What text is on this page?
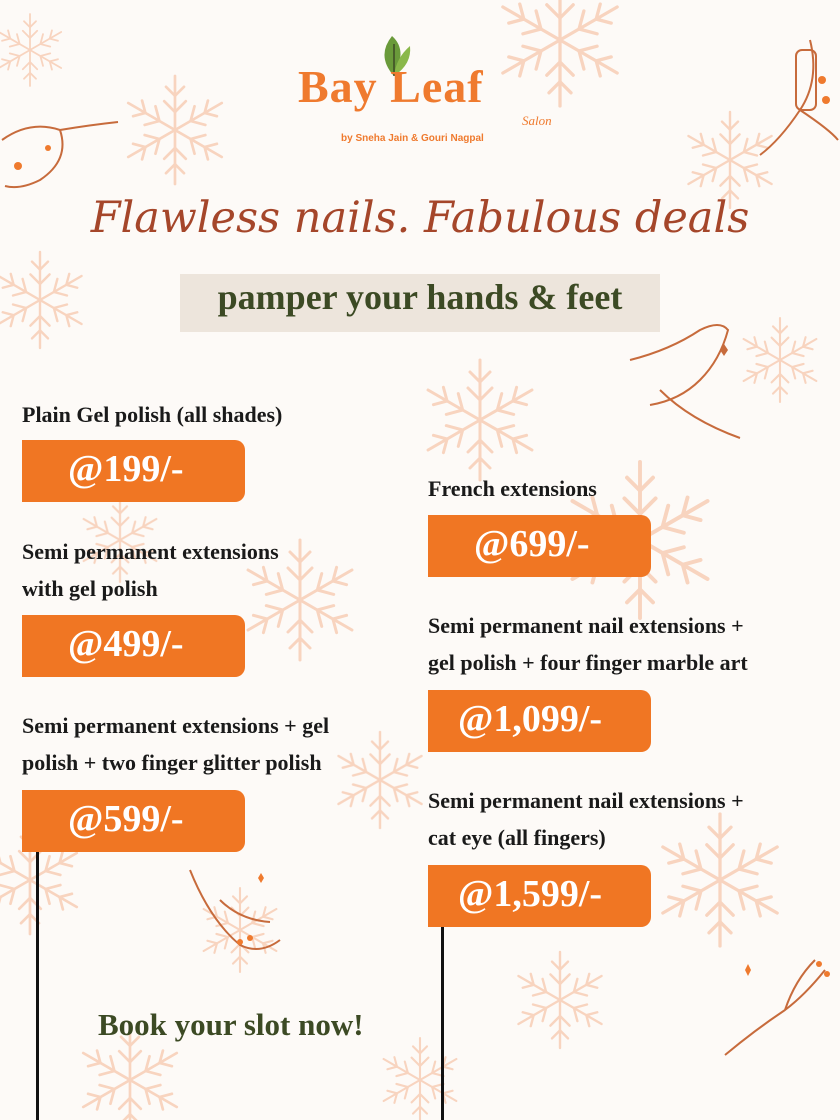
Bay Leaf
Salon
by Sneha Jain & Gouri Nagpal
Flawless nails. Fabulous deals
pamper your hands & feet
Plain Gel polish (all shades)
@199/-
Semi permanent extensions
with gel polish
@499/-
Semi permanent extensions + gel
polish + two finger glitter polish
@599/-
French extensions
@699/-
Semi permanent nail extensions +
gel polish + four finger marble art
@1,099/-
Semi permanent nail extensions +
cat eye (all fingers)
@1,599/-
Book your slot now!
